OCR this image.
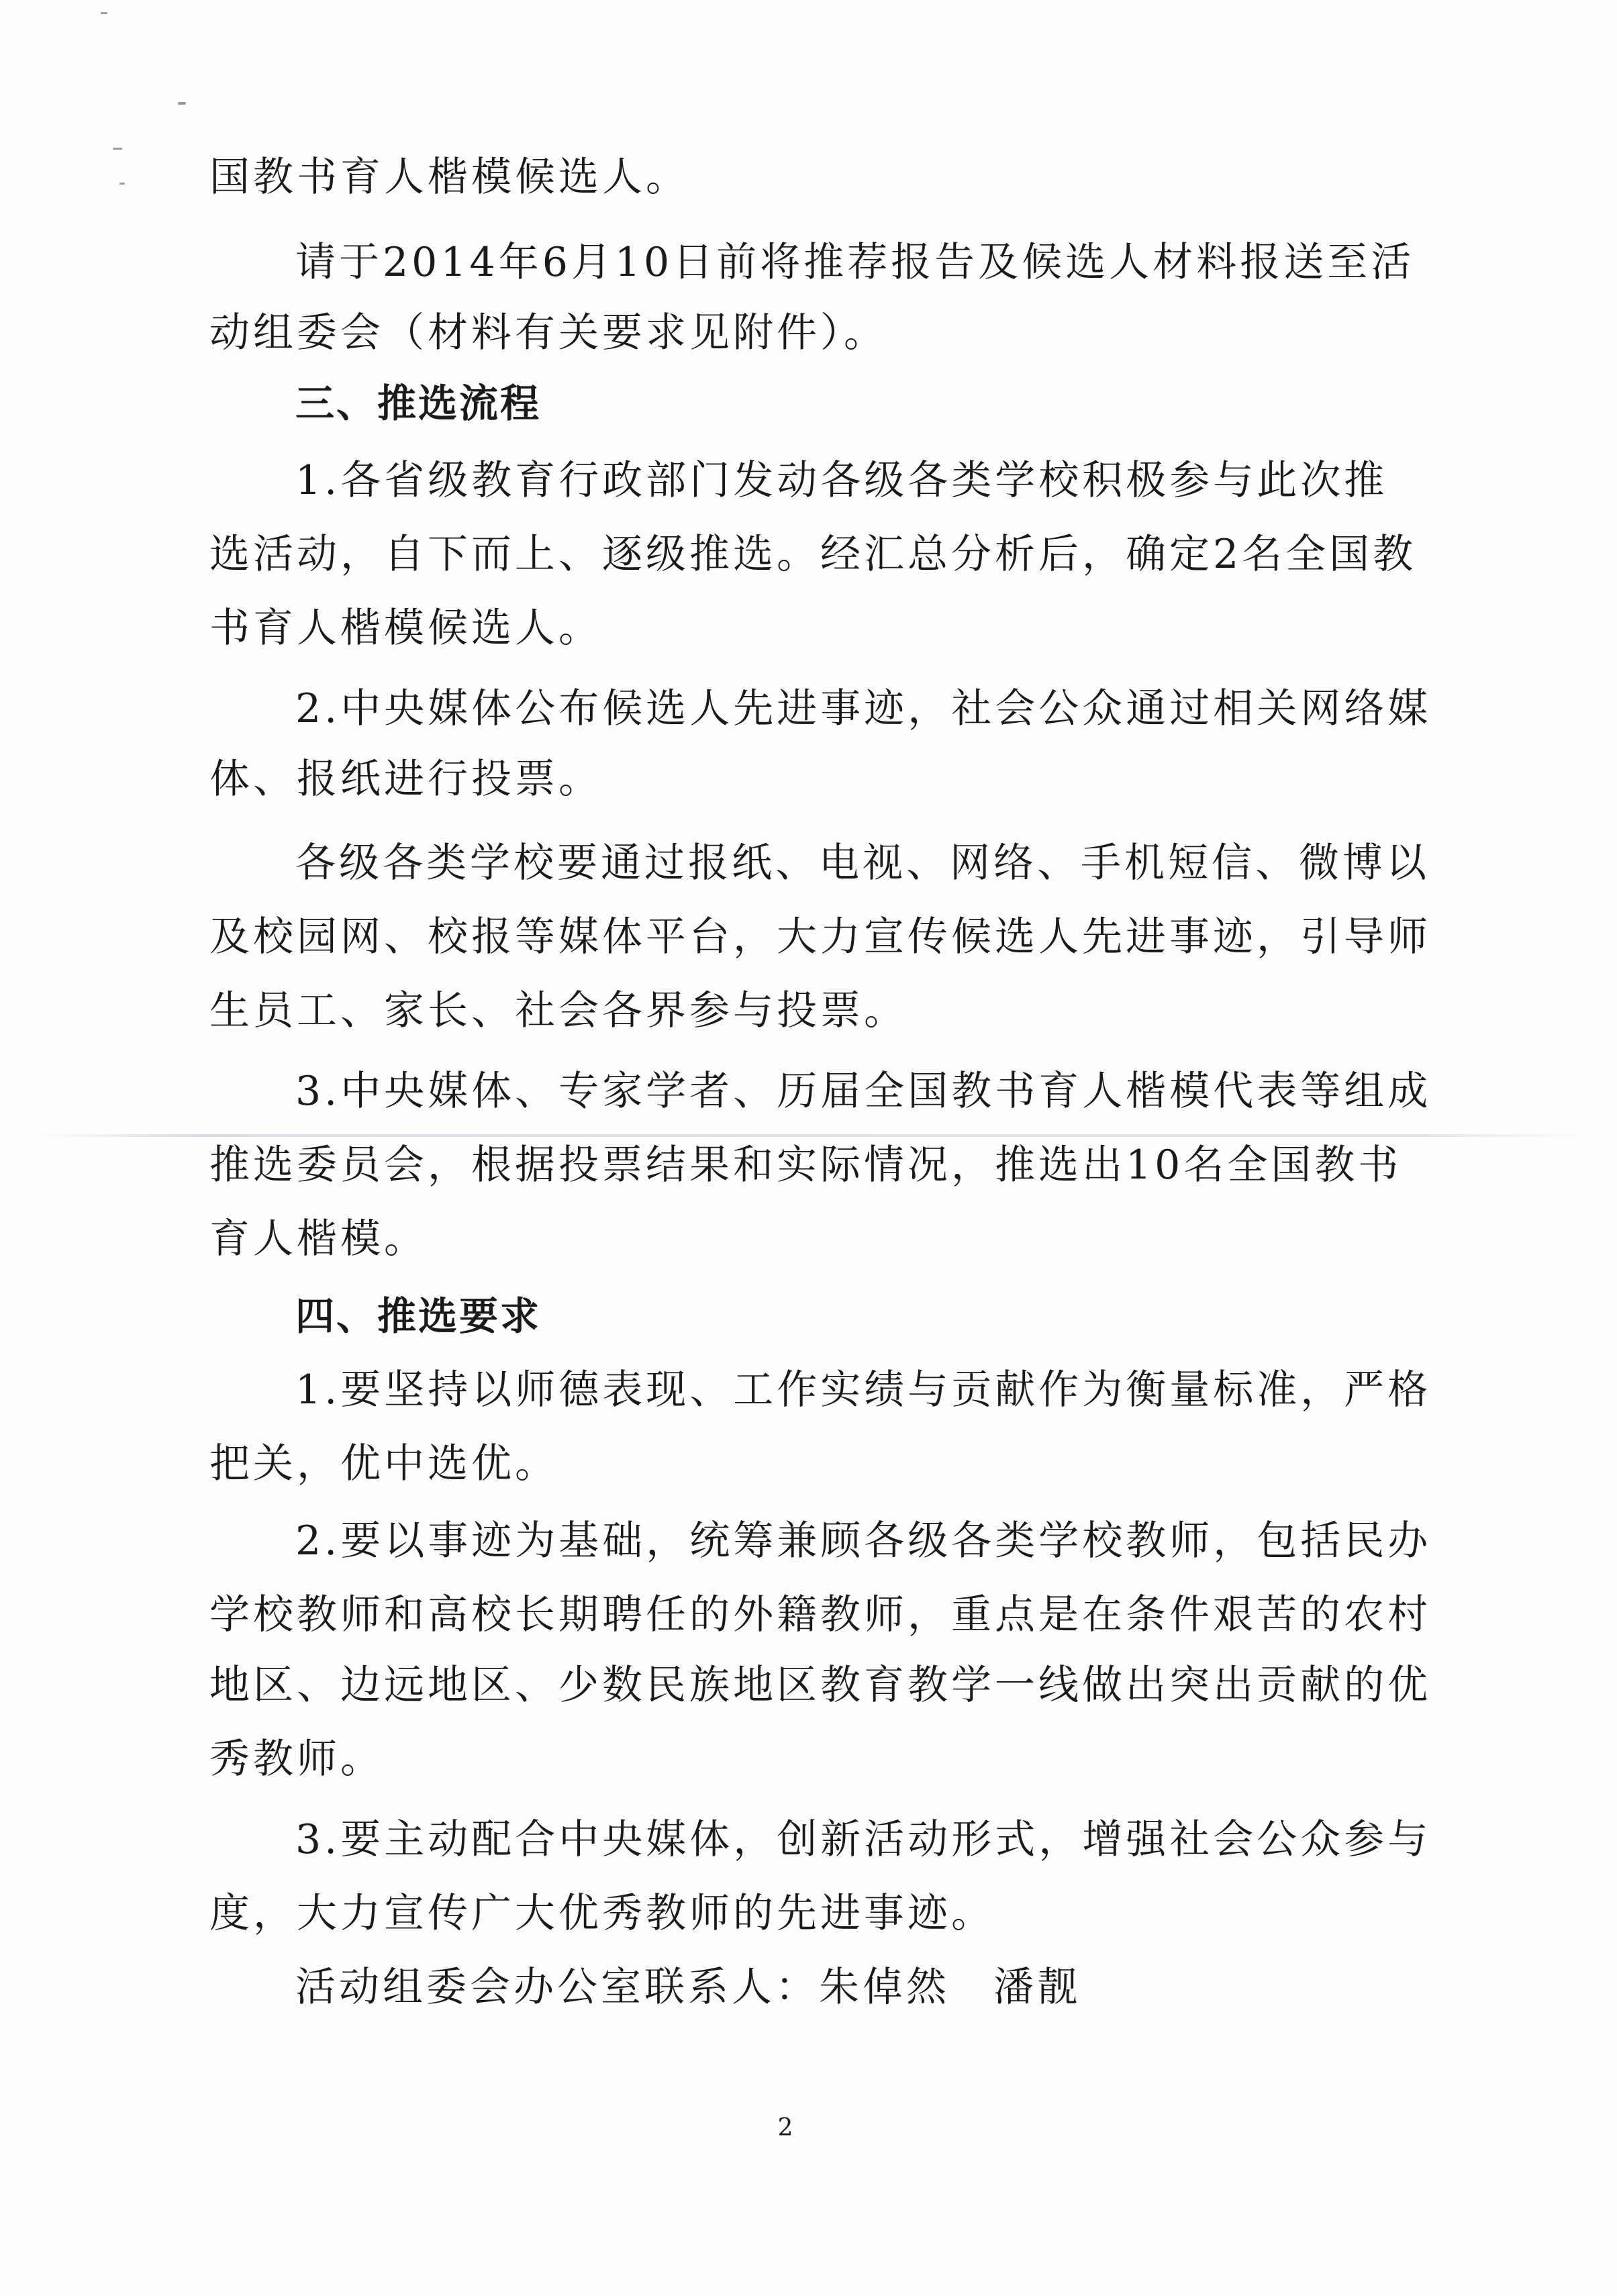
国教书育人楷模候选人。
请于2014年6月10日前将推荐报告及候选人材料报送至活
动组委会（材料有关要求见附件）。
三、推选流程
1.各省级教育行政部门发动各级各类学校积极参与此次推
选活动，自下而上、逐级推选。经汇总分析后，确定2名全国教
书育人楷模候选人。
2.中央媒体公布候选人先进事迹，社会公众通过相关网络媒
体、报纸进行投票。
各级各类学校要通过报纸、电视、网络、手机短信、微博以
及校园网、校报等媒体平台，大力宣传候选人先进事迹，引导师
生员工、家长、社会各界参与投票。
3.中央媒体、专家学者、历届全国教书育人楷模代表等组成
推选委员会，根据投票结果和实际情况，推选出10名全国教书
育人楷模。
四、推选要求
1.要坚持以师德表现、工作实绩与贡献作为衡量标准，严格
把关，优中选优。
2.要以事迹为基础，统筹兼顾各级各类学校教师，包括民办
学校教师和高校长期聘任的外籍教师，重点是在条件艰苦的农村
地区、边远地区、少数民族地区教育教学一线做出突出贡献的优
秀教师。
3.要主动配合中央媒体，创新活动形式，增强社会公众参与
度，大力宣传广大优秀教师的先进事迹。
活动组委会办公室联系人：朱倬然　潘靓
2
